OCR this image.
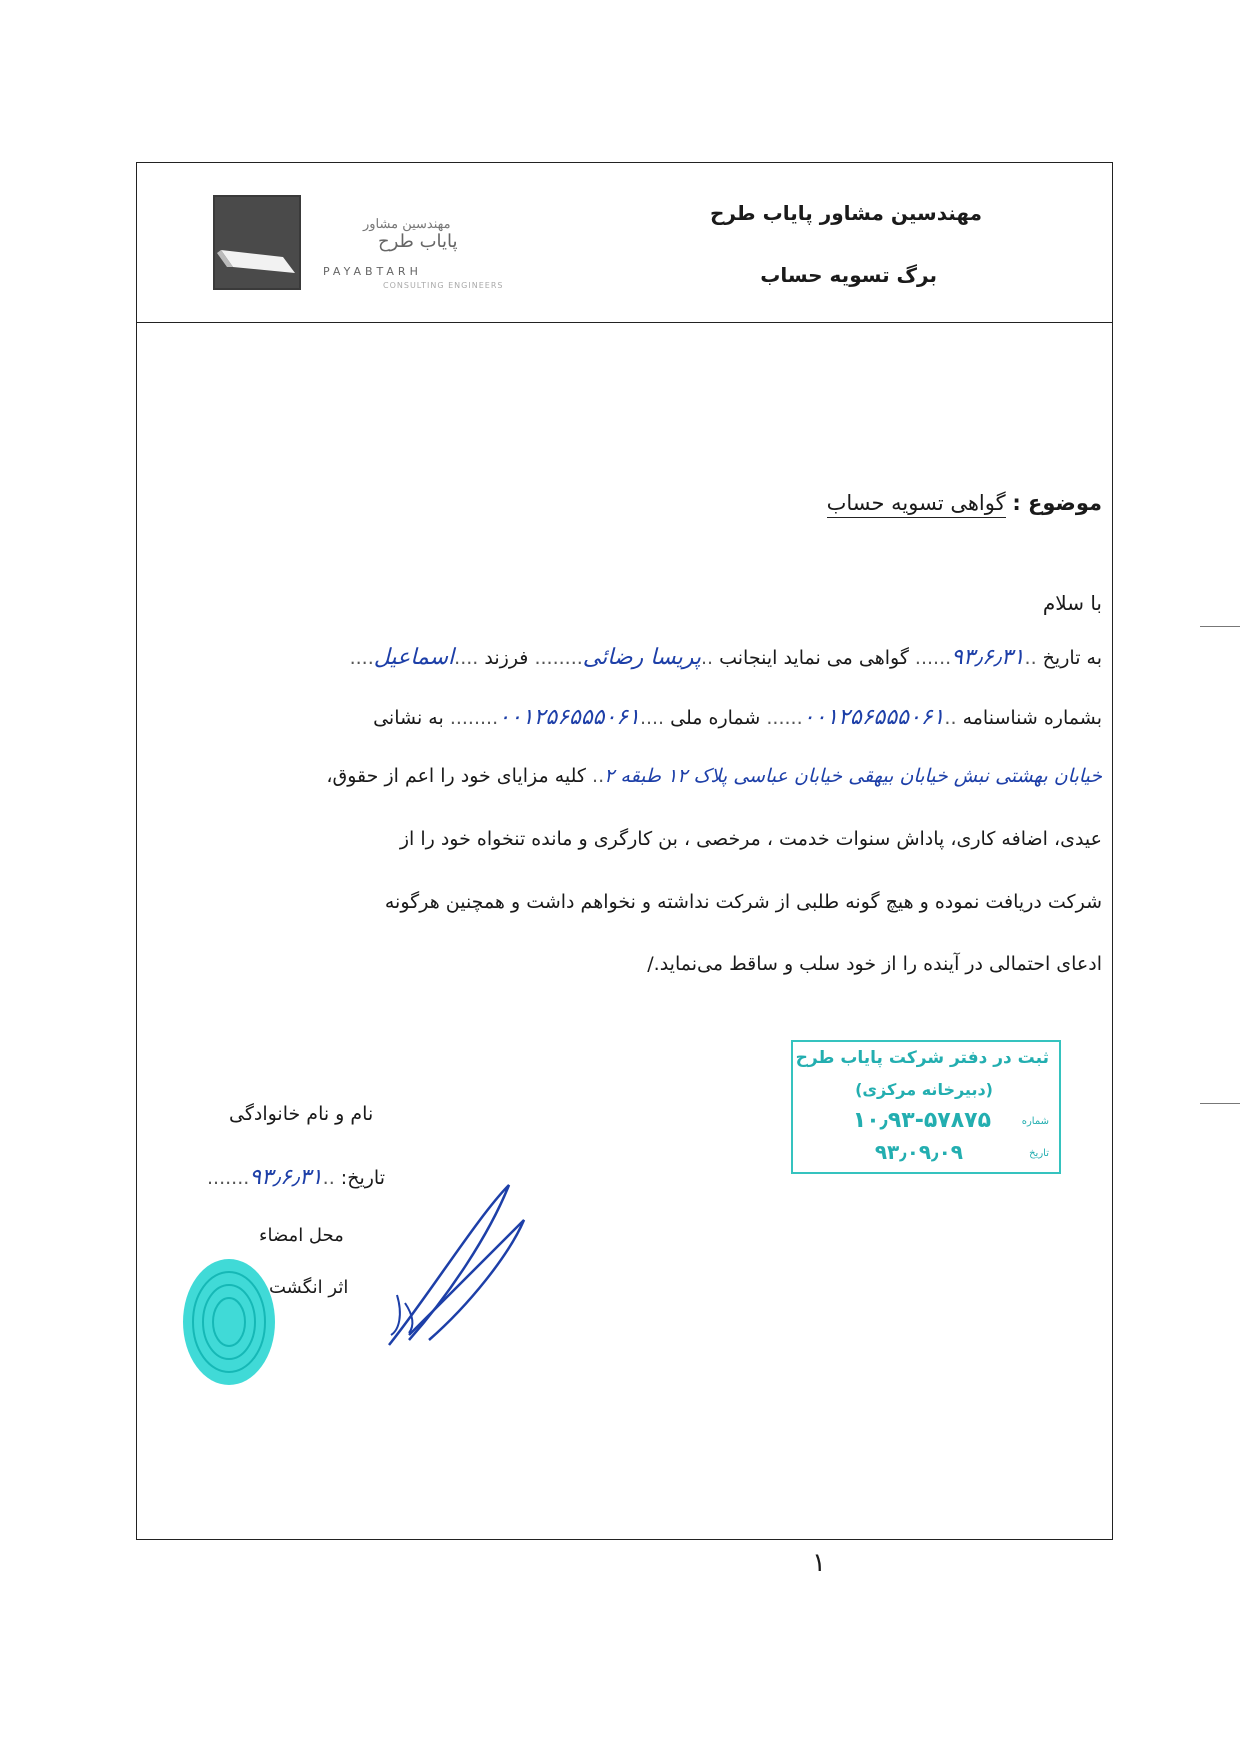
مهندسین مشاور
پایاب طرح
PAYABTARH
CONSULTING ENGINEERS
مهندسین مشاور پایاب طرح
برگ تسویه حساب
موضوع : گواهی تسویه حساب
با سلام
به تاریخ ..۹۳٫۶٫۳۱...... گواهی می نماید اینجانب ..پریسا رضائی........ فرزند ....اسماعیل....
بشماره شناسنامه ..۰۰۱۲۵۶۵۵۵۰۶۱...... شماره ملی ....۰۰۱۲۵۶۵۵۵۰۶۱........ به نشانی
خیابان بهشتی نبش خیابان بیهقی خیابان عباسی پلاک ۱۲ طبقه ۲.. کلیه مزایای خود را اعم از حقوق،
عیدی، اضافه کاری، پاداش سنوات خدمت ، مرخصی ، بن کارگری و مانده تنخواه خود را از
شرکت دریافت نموده و هیچ گونه طلبی از شرکت نداشته و نخواهم داشت و همچنین هرگونه
ادعای احتمالی در آینده را از خود سلب و ساقط می‌نماید./
ثبت در دفتر شرکت پایاب طرح
(دبیرخانه مرکزی)
شماره
۱۰٫۹۳-۵۷۸۷۵
تاریخ
۹۳٫۰۹٫۰۹
نام و نام خانوادگی
تاریخ: ..۹۳٫۶٫۳۱.......
محل امضاء
اثر انگشت
۱
